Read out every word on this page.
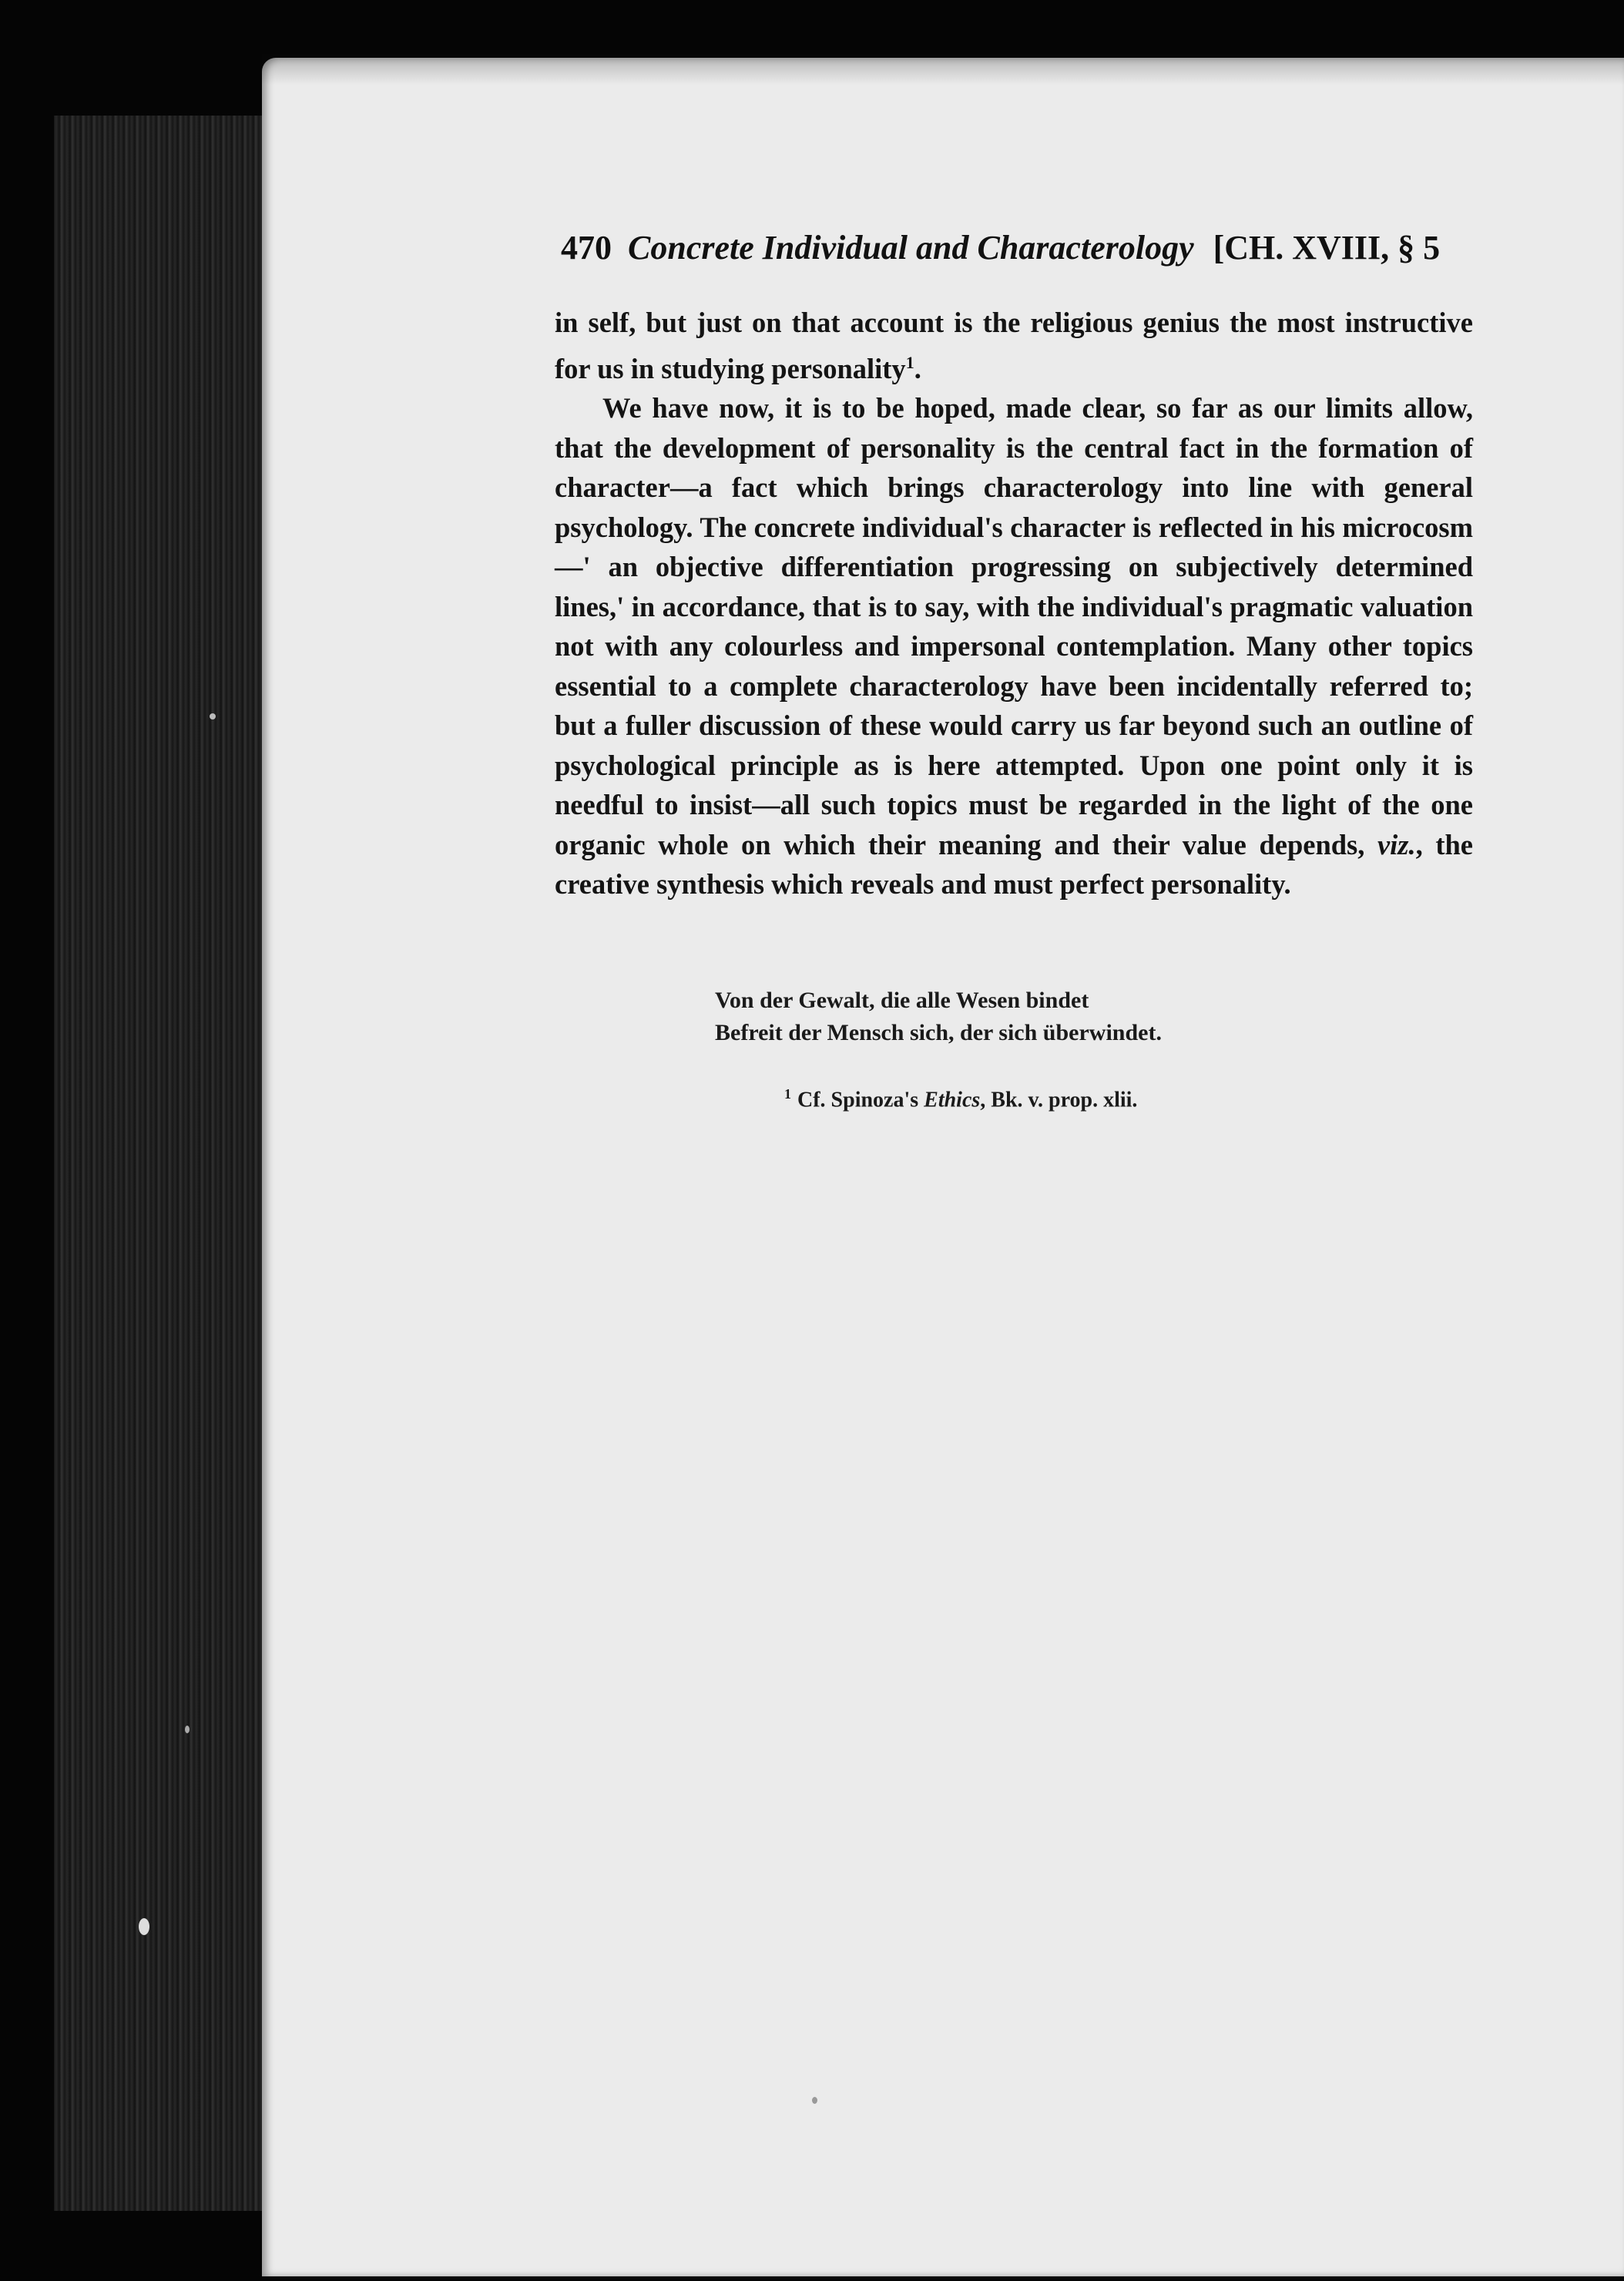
470 Concrete Individual and Characterology [CH. XVIII, § 5

in self, but just on that account is the religious genius the most instructive for us in studying personality$^1$.

We have now, it is to be hoped, made clear, so far as our limits allow, that the development of personality is the central fact in the formation of character—a fact which brings characterology into line with general psychology. The concrete individual's character is reflected in his microcosm—' an objective differentiation progressing on subjectively determined lines,' in accordance, that is to say, with the individual's pragmatic valuation not with any colourless and impersonal contemplation. Many other topics essential to a complete characterology have been incidentally referred to; but a fuller discussion of these would carry us far beyond such an outline of psychological principle as is here attempted. Upon one point only it is needful to insist—all such topics must be regarded in the light of the one organic whole on which their meaning and their value depends, viz., the creative synthesis which reveals and must perfect personality.

Von der Gewalt, die alle Wesen bindet
Befreit der Mensch sich, der sich überwindet.
$^1$ Cf. Spinoza's Ethics, Bk. v. prop. xlii.
